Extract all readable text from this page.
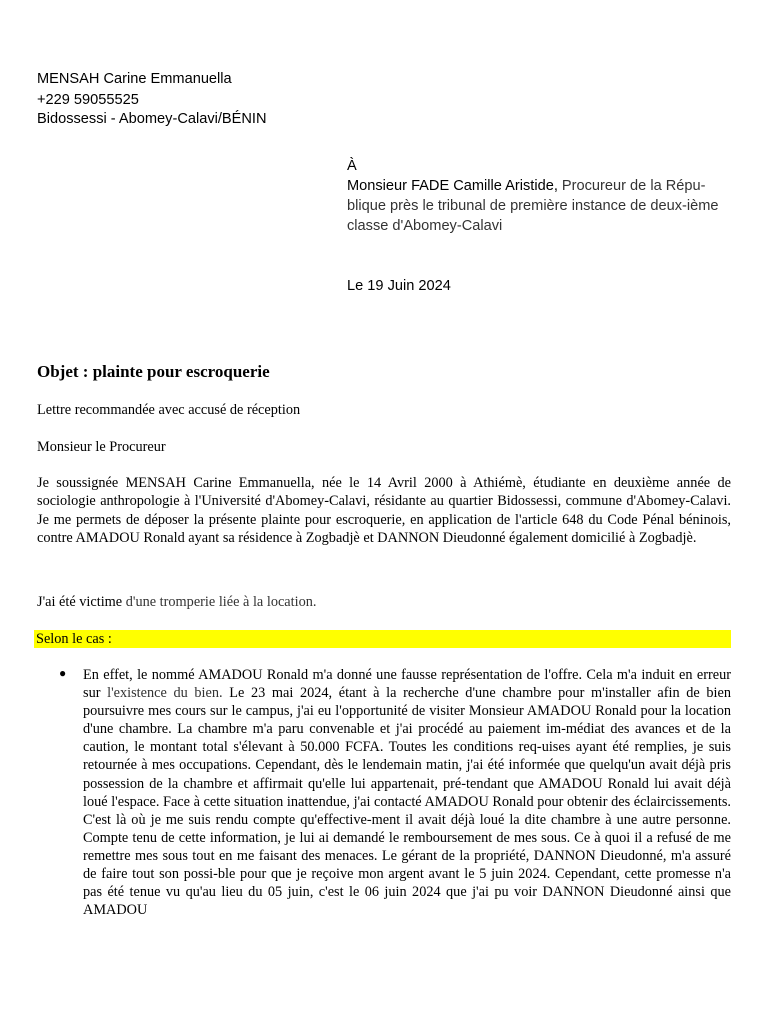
MENSAH Carine Emmanuella
+229 59055525
Bidossessi - Abomey-Calavi/BÉNIN
À
Monsieur FADE Camille Aristide, Procureur de la Répu-blique près le tribunal de première instance de deux-ième classe d'Abomey-Calavi
Le 19 Juin 2024
Objet : plainte pour escroquerie
Lettre recommandée avec accusé de réception
Monsieur le Procureur
Je soussignée MENSAH Carine Emmanuella, née le 14 Avril 2000 à Athiémè, étudiante en deuxième année de sociologie anthropologie à l'Université d'Abomey-Calavi, résidante au quartier Bidossessi, commune d'Abomey-Calavi. Je me permets de déposer la présente plainte pour escroquerie, en application de l'article 648 du Code Pénal béninois, contre AMADOU Ronald ayant sa résidence à Zogbadjè et DANNON Dieudonné également domicilié à Zogbadjè.
J'ai été victime d'une tromperie liée à la location.
Selon le cas :
● En effet, le nommé AMADOU Ronald m'a donné une fausse représentation de l'offre. Cela m'a induit en erreur sur l'existence du bien. Le 23 mai 2024, étant à la recherche d'une chambre pour m'installer afin de bien poursuivre mes cours sur le campus, j'ai eu l'opportunité de visiter Monsieur AMADOU Ronald pour la location d'une chambre. La chambre m'a paru convenable et j'ai procédé au paiement im-médiat des avances et de la caution, le montant total s'élevant à 50.000 FCFA. Toutes les conditions req-uises ayant été remplies, je suis retournée à mes occupations. Cependant, dès le lendemain matin, j'ai été informée que quelqu'un avait déjà pris possession de la chambre et affirmait qu'elle lui appartenait, pré-tendant que AMADOU Ronald lui avait déjà loué l'espace. Face à cette situation inattendue, j'ai contacté AMADOU Ronald pour obtenir des éclaircissements. C'est là où je me suis rendu compte qu'effective-ment il avait déjà loué la dite chambre à une autre personne. Compte tenu de cette information, je lui ai demandé le remboursement de mes sous. Ce à quoi il a refusé de me remettre mes sous tout en me faisant des menaces. Le gérant de la propriété, DANNON Dieudonné, m'a assuré de faire tout son possi-ble pour que je reçoive mon argent avant le 5 juin 2024. Cependant, cette promesse n'a pas été tenue vu qu'au lieu du 05 juin, c'est le 06 juin 2024 que j'ai pu voir DANNON Dieudonné ainsi que AMADOU
